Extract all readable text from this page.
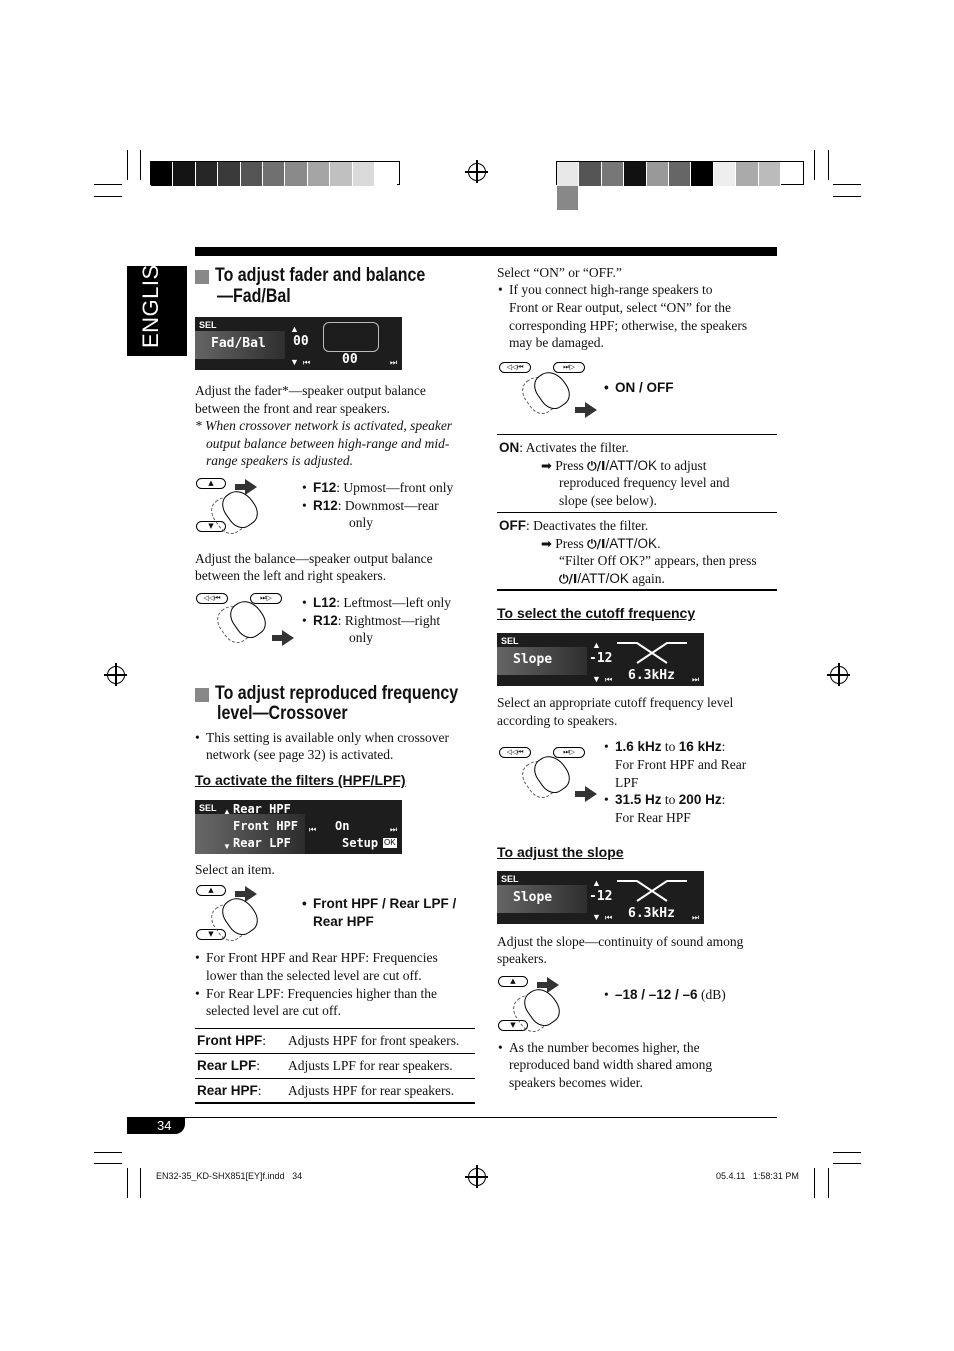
ENGLISH	To adjust fader and balance
—Fad/Bal
SEL
Fad/Bal
▲
▼ ⏮	⏭
00
00
Adjust the fader*—speaker output balance
between the front and rear speakers.
* When crossover network is activated, speaker
output balance between high-range and mid-
range speakers is adjusted.
▲
▼
• F12: Upmost—front only
• R12: Downmost—rear
only
Adjust the balance—speaker output balance
between the left and right speakers.
◁◁⏮	⏭▷	• L12: Leftmost—left only
• R12: Rightmost—right
only
To adjust reproduced frequency
level—Crossover
• This setting is available only when crossover
network (see page 32) is activated.
To activate the filters (HPF/LPF)
SEL ▲ Rear HPF
Front HPF
▼ Rear LPF
⏮ On	⏭
Setup OK
Select an item.
▲
▼
• Front HPF / Rear LPF /
Rear HPF
• For Front HPF and Rear HPF: Frequencies
lower than the selected level are cut off.
• For Rear LPF: Frequencies higher than the
selected level are cut off.
Front HPF: Adjusts HPF for front speakers.
Rear LPF: Adjusts LPF for rear speakers.
Rear HPF: Adjusts HPF for rear speakers.
Select “ON” or “OFF.”
• If you connect high-range speakers to
Front or Rear output, select “ON” for the
corresponding HPF; otherwise, the speakers
may be damaged.
◁◁⏮	⏭▷
• ON / OFF
ON: Activates the filter.
➡ Press ⏻/I/ATT/OK to adjust
reproduced frequency level and
slope (see below).
OFF: Deactivates the filter.
➡ Press ⏻/I/ATT/OK.
“Filter Off OK?” appears, then press
⏻/I/ATT/OK again.
To select the cutoff frequency
SEL
Slope
▲
-12
▼ ⏮ 6.3kHz ⏭
Select an appropriate cutoff frequency level
according to speakers.
◁◁⏮	⏭▷	• 1.6 kHz to 16 kHz:
For Front HPF and Rear
LPF
• 31.5 Hz to 200 Hz:
For Rear HPF
To adjust the slope
SEL
Slope
▲
-12
▼ ⏮ 6.3kHz ⏭
Adjust the slope—continuity of sound among
speakers.
▲
▼
• –18 / –12 / –6 (dB)
• As the number becomes higher, the
reproduced band width shared among
speakers becomes wider.
34
EN32-35_KD-SHX851[EY]f.indd   34	05.4.11   1:58:31 PM
